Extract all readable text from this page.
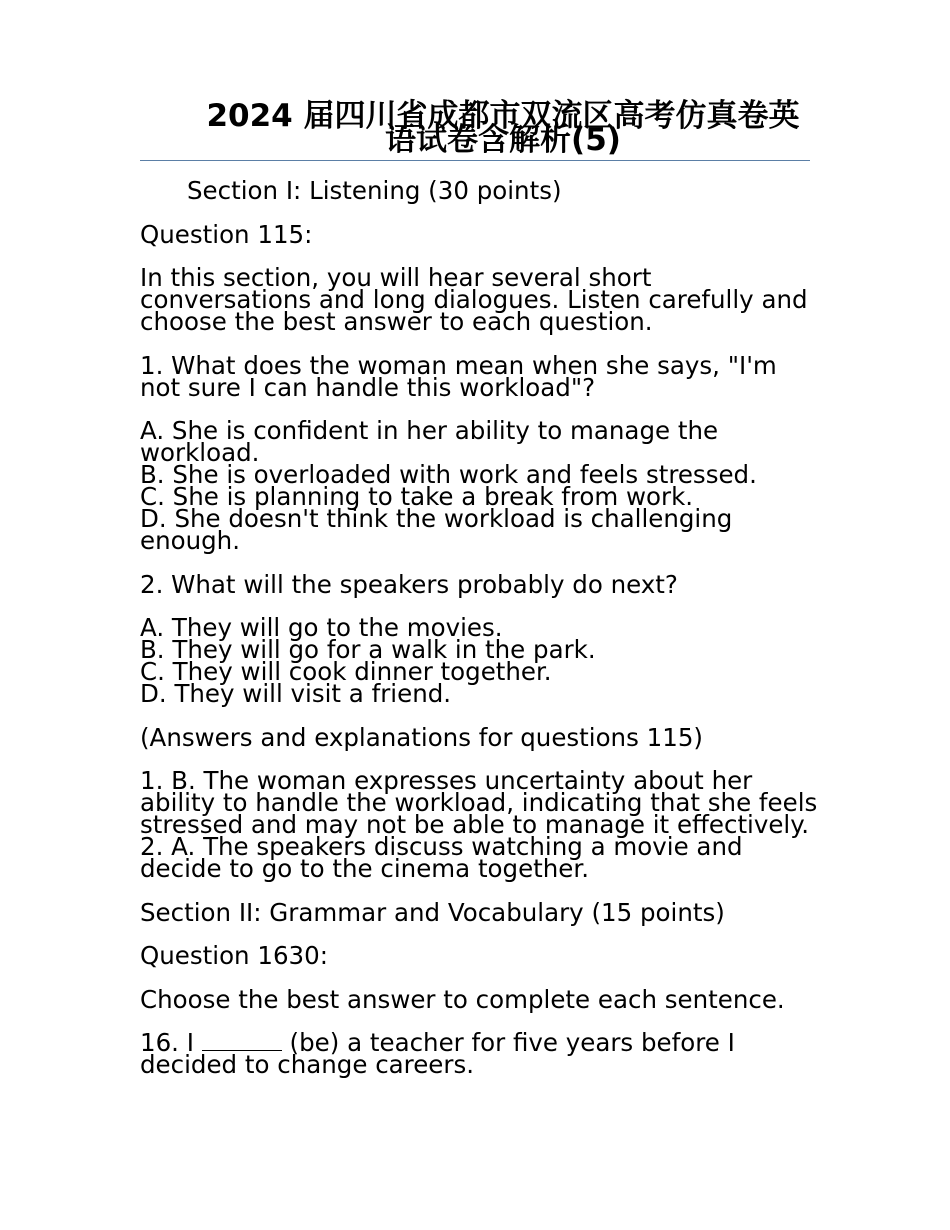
2024 届四川省成都市双流区高考仿真卷英语试卷含解析(5)

Section I: Listening (30 points)

Question 115:

In this section, you will hear several short conversations and long dialogues. Listen carefully and choose the best answer to each question.

1. What does the woman mean when she says, "I'm not sure I can handle this workload"?

A. She is confident in her ability to manage the workload.
B. She is overloaded with work and feels stressed.
C. She is planning to take a break from work.
D. She doesn't think the workload is challenging enough.

2. What will the speakers probably do next?

A. They will go to the movies.
B. They will go for a walk in the park.
C. They will cook dinner together.
D. They will visit a friend.

(Answers and explanations for questions 115)

1. B. The woman expresses uncertainty about her ability to handle the workload, indicating that she feels stressed and may not be able to manage it effectively.
2. A. The speakers discuss watching a movie and decide to go to the cinema together.

Section II: Grammar and Vocabulary (15 points)

Question 1630:

Choose the best answer to complete each sentence.

16. I	(be) a teacher for five years before I decided to change careers.
